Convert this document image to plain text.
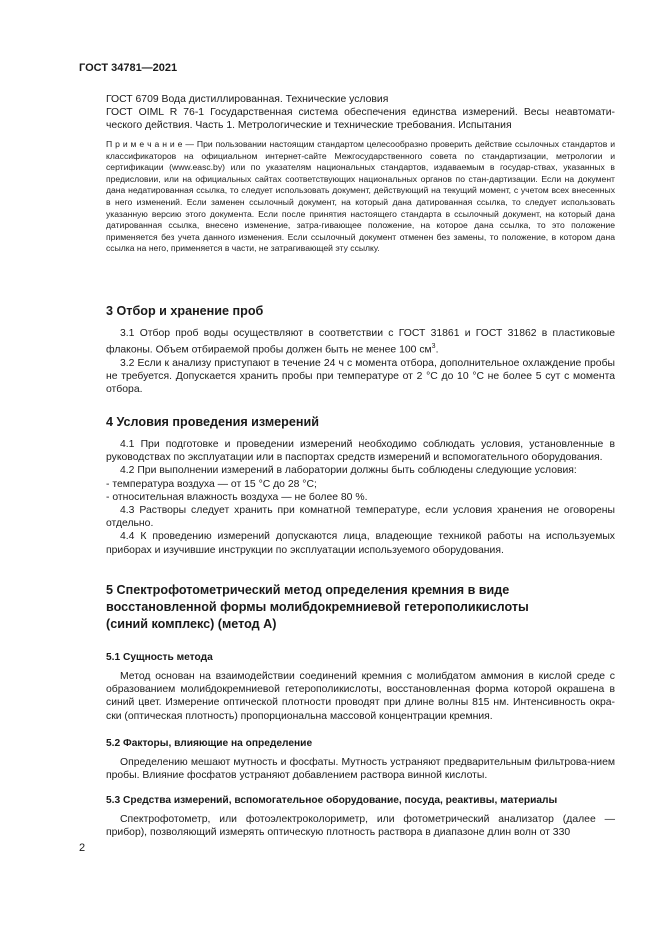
ГОСТ 34781—2021

ГОСТ 6709 Вода дистиллированная. Технические условия

ГОСТ OIML R 76-1 Государственная система обеспечения единства измерений. Весы неавтомати-ческого действия. Часть 1. Метрологические и технические требования. Испытания

П р и м е ч а н и е — При пользовании настоящим стандартом целесообразно проверить действие ссылочных стандартов и классификаторов на официальном интернет-сайте Межгосударственного совета по стандартизации, метрологии и сертификации (www.easc.by) или по указателям национальных стандартов, издаваемым в государ-ствах, указанных в предисловии, или на официальных сайтах соответствующих национальных органов по стан-дартизации. Если на документ дана недатированная ссылка, то следует использовать документ, действующий на текущий момент, с учетом всех внесенных в него изменений. Если заменен ссылочный документ, на который дана датированная ссылка, то следует использовать указанную версию этого документа. Если после принятия настоящего стандарта в ссылочный документ, на который дана датированная ссылка, внесено изменение, затра-гивающее положение, на которое дана ссылка, то это положение применяется без учета данного изменения. Если ссылочный документ отменен без замены, то положение, в котором дана ссылка на него, применяется в части, не затрагивающей эту ссылку.
3 Отбор и хранение проб

3.1 Отбор проб воды осуществляют в соответствии с ГОСТ 31861 и ГОСТ 31862 в пластиковые флаконы. Объем отбираемой пробы должен быть не менее 100 $см^3$.

3.2 Если к анализу приступают в течение 24 ч с момента отбора, дополнительное охлаждение пробы не требуется. Допускается хранить пробы при температуре от 2 °С до 10 °С не более 5 сут с момента отбора.

4 Условия проведения измерений

4.1 При подготовке и проведении измерений необходимо соблюдать условия, установленные в руководствах по эксплуатации или в паспортах средств измерений и вспомогательного оборудования.

4.2 При выполнении измерений в лаборатории должны быть соблюдены следующие условия:

- температура воздуха — от 15 °С до 28 °С;

- относительная влажность воздуха — не более 80 %.

4.3 Растворы следует хранить при комнатной температуре, если условия хранения не оговорены отдельно.

4.4 К проведению измерений допускаются лица, владеющие техникой работы на используемых приборах и изучившие инструкции по эксплуатации используемого оборудования.

5 Спектрофотометрический метод определения кремния в виде
восстановленной формы молибдокремниевой гетерополикислоты
(синий комплекс) (метод А)
5.1 Сущность метода

Метод основан на взаимодействии соединений кремния с молибдатом аммония в кислой среде с образованием молибдокремниевой гетерополикислоты, восстановленная форма которой окрашена в синий цвет. Измерение оптической плотности проводят при длине волны 815 нм. Интенсивность окра-ски (оптическая плотность) пропорциональна массовой концентрации кремния.

5.2 Факторы, влияющие на определение

Определению мешают мутность и фосфаты. Мутность устраняют предварительным фильтрова-нием пробы. Влияние фосфатов устраняют добавлением раствора винной кислоты.

5.3 Средства измерений, вспомогательное оборудование, посуда, реактивы, материалы

Спектрофотометр, или фотоэлектроколориметр, или фотометрический анализатор (далее — прибор), позволяющий измерять оптическую плотность раствора в диапазоне длин волн от 330

2
